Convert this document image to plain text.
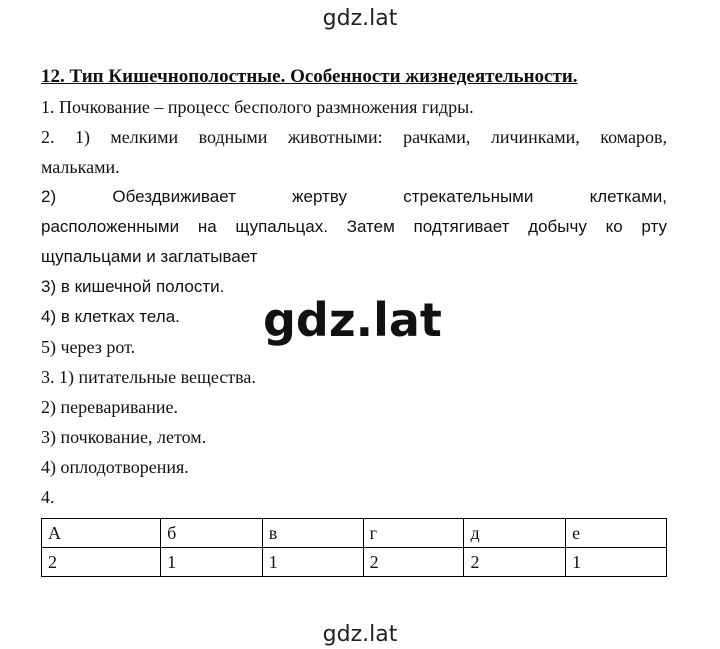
gdz.lat

12. Тип Кишечнополостные. Особенности жизнедеятельности.

1. Почкование – процесс бесполого размножения гидры.

2. 1) мелкими водными животными: рачками, личинками, комаров,

мальками.

2) Обездвиживает жертву стрекательными клетками,

расположенными на щупальцах. Затем подтягивает добычу ко рту

щупальцами и заглатывает

3) в кишечной полости.

4) в клетках тела.

5) через рот.

3. 1) питательные вещества.

2) переваривание.

3) почкование, летом.

4) оплодотворения.

4.

gdz.lat
А	б	в	г	д	е
2	1	1	2	2	1
gdz.lat
